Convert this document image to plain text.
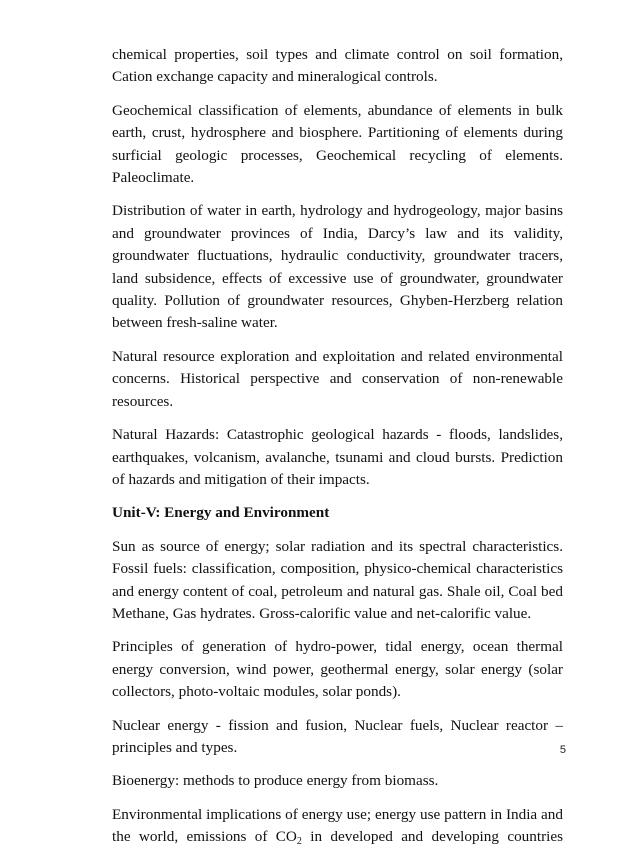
chemical properties, soil types and climate control on soil formation, Cation exchange capacity and mineralogical controls.

Geochemical classification of elements, abundance of elements in bulk earth, crust, hydrosphere and biosphere. Partitioning of elements during surficial geologic processes, Geochemical recycling of elements. Paleoclimate.

Distribution of water in earth, hydrology and hydrogeology, major basins and groundwater provinces of India, Darcy’s law and its validity, groundwater fluctuations, hydraulic conductivity, groundwater tracers, land subsidence, effects of excessive use of groundwater, groundwater quality. Pollution of groundwater resources, Ghyben-Herzberg relation between fresh-saline water.

Natural resource exploration and exploitation and related environmental concerns. Historical perspective and conservation of non-renewable resources.

Natural Hazards: Catastrophic geological hazards - floods, landslides, earthquakes, volcanism, avalanche, tsunami and cloud bursts. Prediction of hazards and mitigation of their impacts.

Unit-V: Energy and Environment

Sun as source of energy; solar radiation and its spectral characteristics. Fossil fuels: classification, composition, physico-chemical characteristics and energy content of coal, petroleum and natural gas. Shale oil, Coal bed Methane, Gas hydrates. Gross-calorific value and net-calorific value.

Principles of generation of hydro-power, tidal energy, ocean thermal energy conversion, wind power, geothermal energy, solar energy (solar collectors, photo-voltaic modules, solar ponds).

Nuclear energy - fission and fusion, Nuclear fuels, Nuclear reactor – principles and types.

Bioenergy: methods to produce energy from biomass.

Environmental implications of energy use; energy use pattern in India and the world, emissions of $CO_2$ in developed and developing countries

5
